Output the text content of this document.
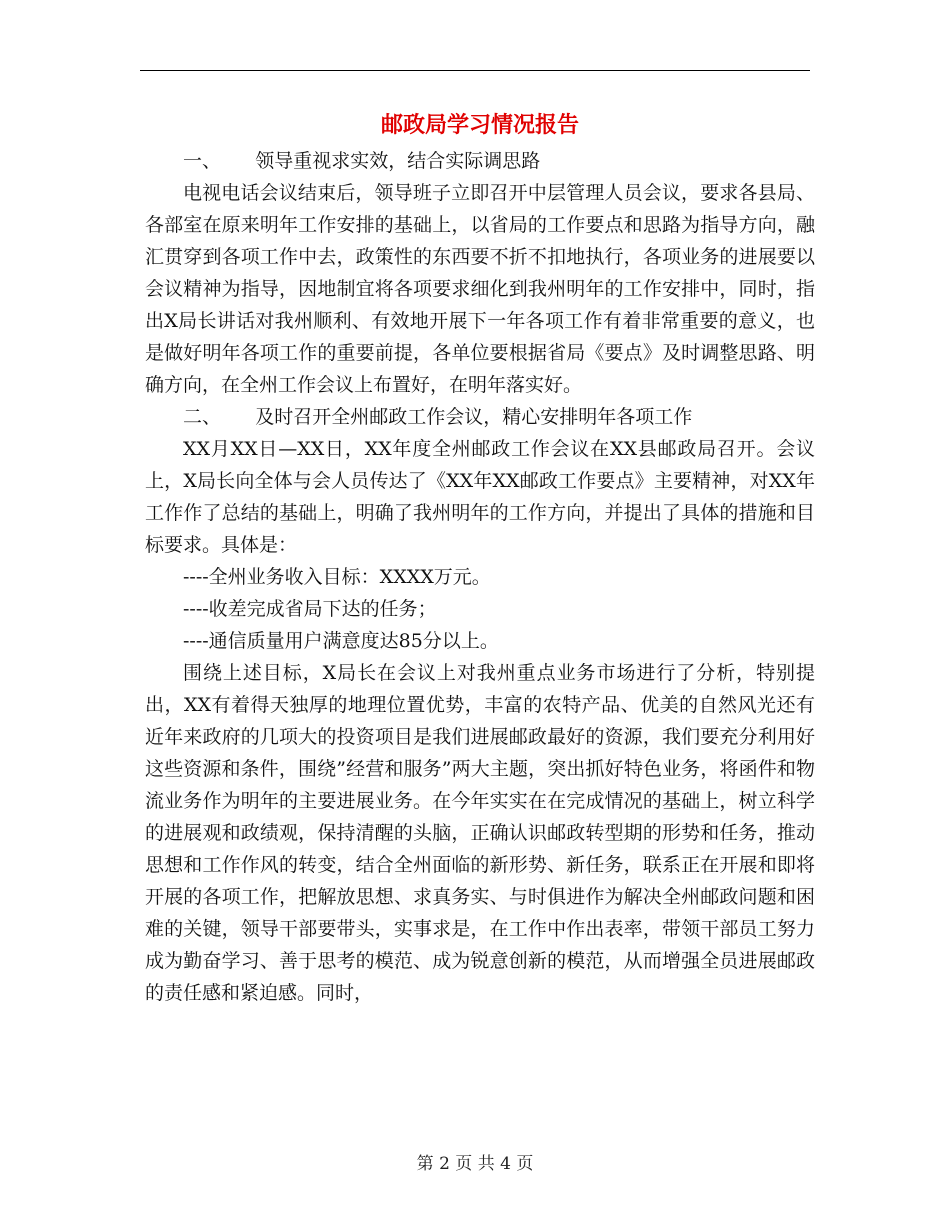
邮政局学习情况报告
一、 领导重视求实效，结合实际调思路

电视电话会议结束后，领导班子立即召开中层管理人员会议，要求各县局、各部室在原来明年工作安排的基础上，以省局的工作要点和思路为指导方向，融汇贯穿到各项工作中去，政策性的东西要不折不扣地执行，各项业务的进展要以会议精神为指导，因地制宜将各项要求细化到我州明年的工作安排中，同时，指出X局长讲话对我州顺利、有效地开展下一年各项工作有着非常重要的意义，也是做好明年各项工作的重要前提，各单位要根据省局《要点》及时调整思路、明确方向，在全州工作会议上布置好，在明年落实好。

二、 及时召开全州邮政工作会议，精心安排明年各项工作

XX月XX日—XX日，XX年度全州邮政工作会议在XX县邮政局召开。会议上，X局长向全体与会人员传达了《XX年XX邮政工作要点》主要精神，对XX年工作作了总结的基础上，明确了我州明年的工作方向，并提出了具体的措施和目标要求。具体是：

----全州业务收入目标：XXXX万元。
----收差完成省局下达的任务；
----通信质量用户满意度达85分以上。

围绕上述目标，X局长在会议上对我州重点业务市场进行了分析，特别提出，XX有着得天独厚的地理位置优势，丰富的农特产品、优美的自然风光还有近年来政府的几项大的投资项目是我们进展邮政最好的资源，我们要充分利用好这些资源和条件，围绕”经营和服务”两大主题，突出抓好特色业务，将函件和物流业务作为明年的主要进展业务。在今年实实在在完成情况的基础上，树立科学的进展观和政绩观，保持清醒的头脑，正确认识邮政转型期的形势和任务，推动思想和工作作风的转变，结合全州面临的新形势、新任务，联系正在开展和即将开展的各项工作，把解放思想、求真务实、与时俱进作为解决全州邮政问题和困难的关键，领导干部要带头，实事求是，在工作中作出表率，带领干部员工努力成为勤奋学习、善于思考的模范、成为锐意创新的模范，从而增强全员进展邮政的责任感和紧迫感。同时，

第 2 页 共 4 页
